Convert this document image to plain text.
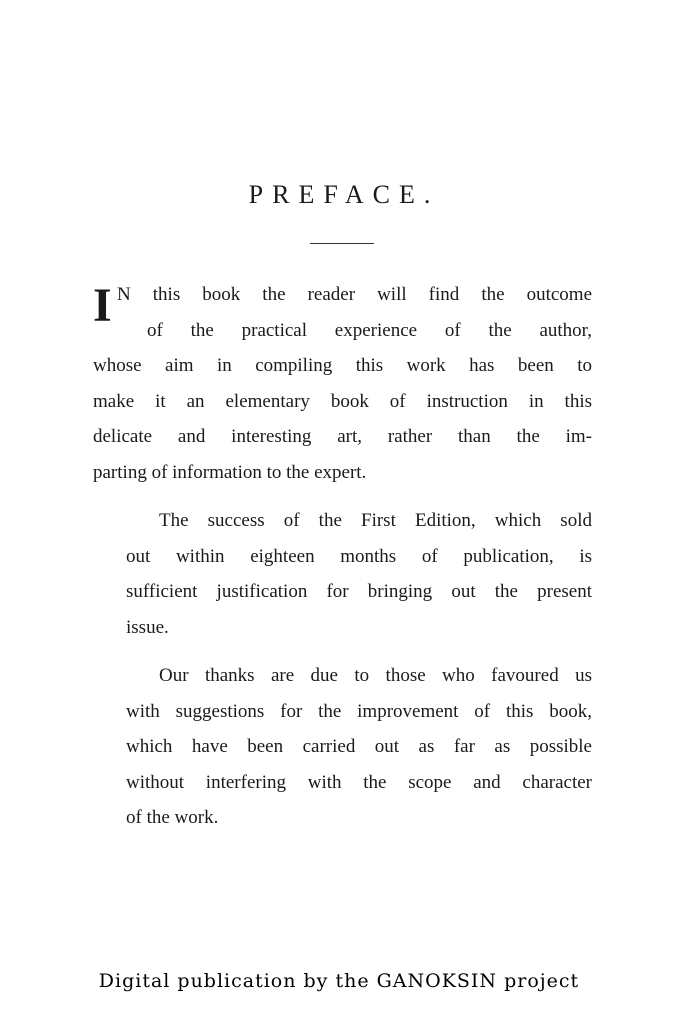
PREFACE.
I N this book the reader will find the outcome
of the practical experience of the author,
whose aim in compiling this work has been to
make it an elementary book of instruction in this
delicate and interesting art, rather than the im-
parting of information to the expert.
The success of the First Edition, which sold
out within eighteen months of publication, is
sufficient justification for bringing out the present
issue.
Our thanks are due to those who favoured us
with suggestions for the improvement of this book,
which have been carried out as far as possible
without interfering with the scope and character
of the work.
Digital publication by the GANOKSIN project
